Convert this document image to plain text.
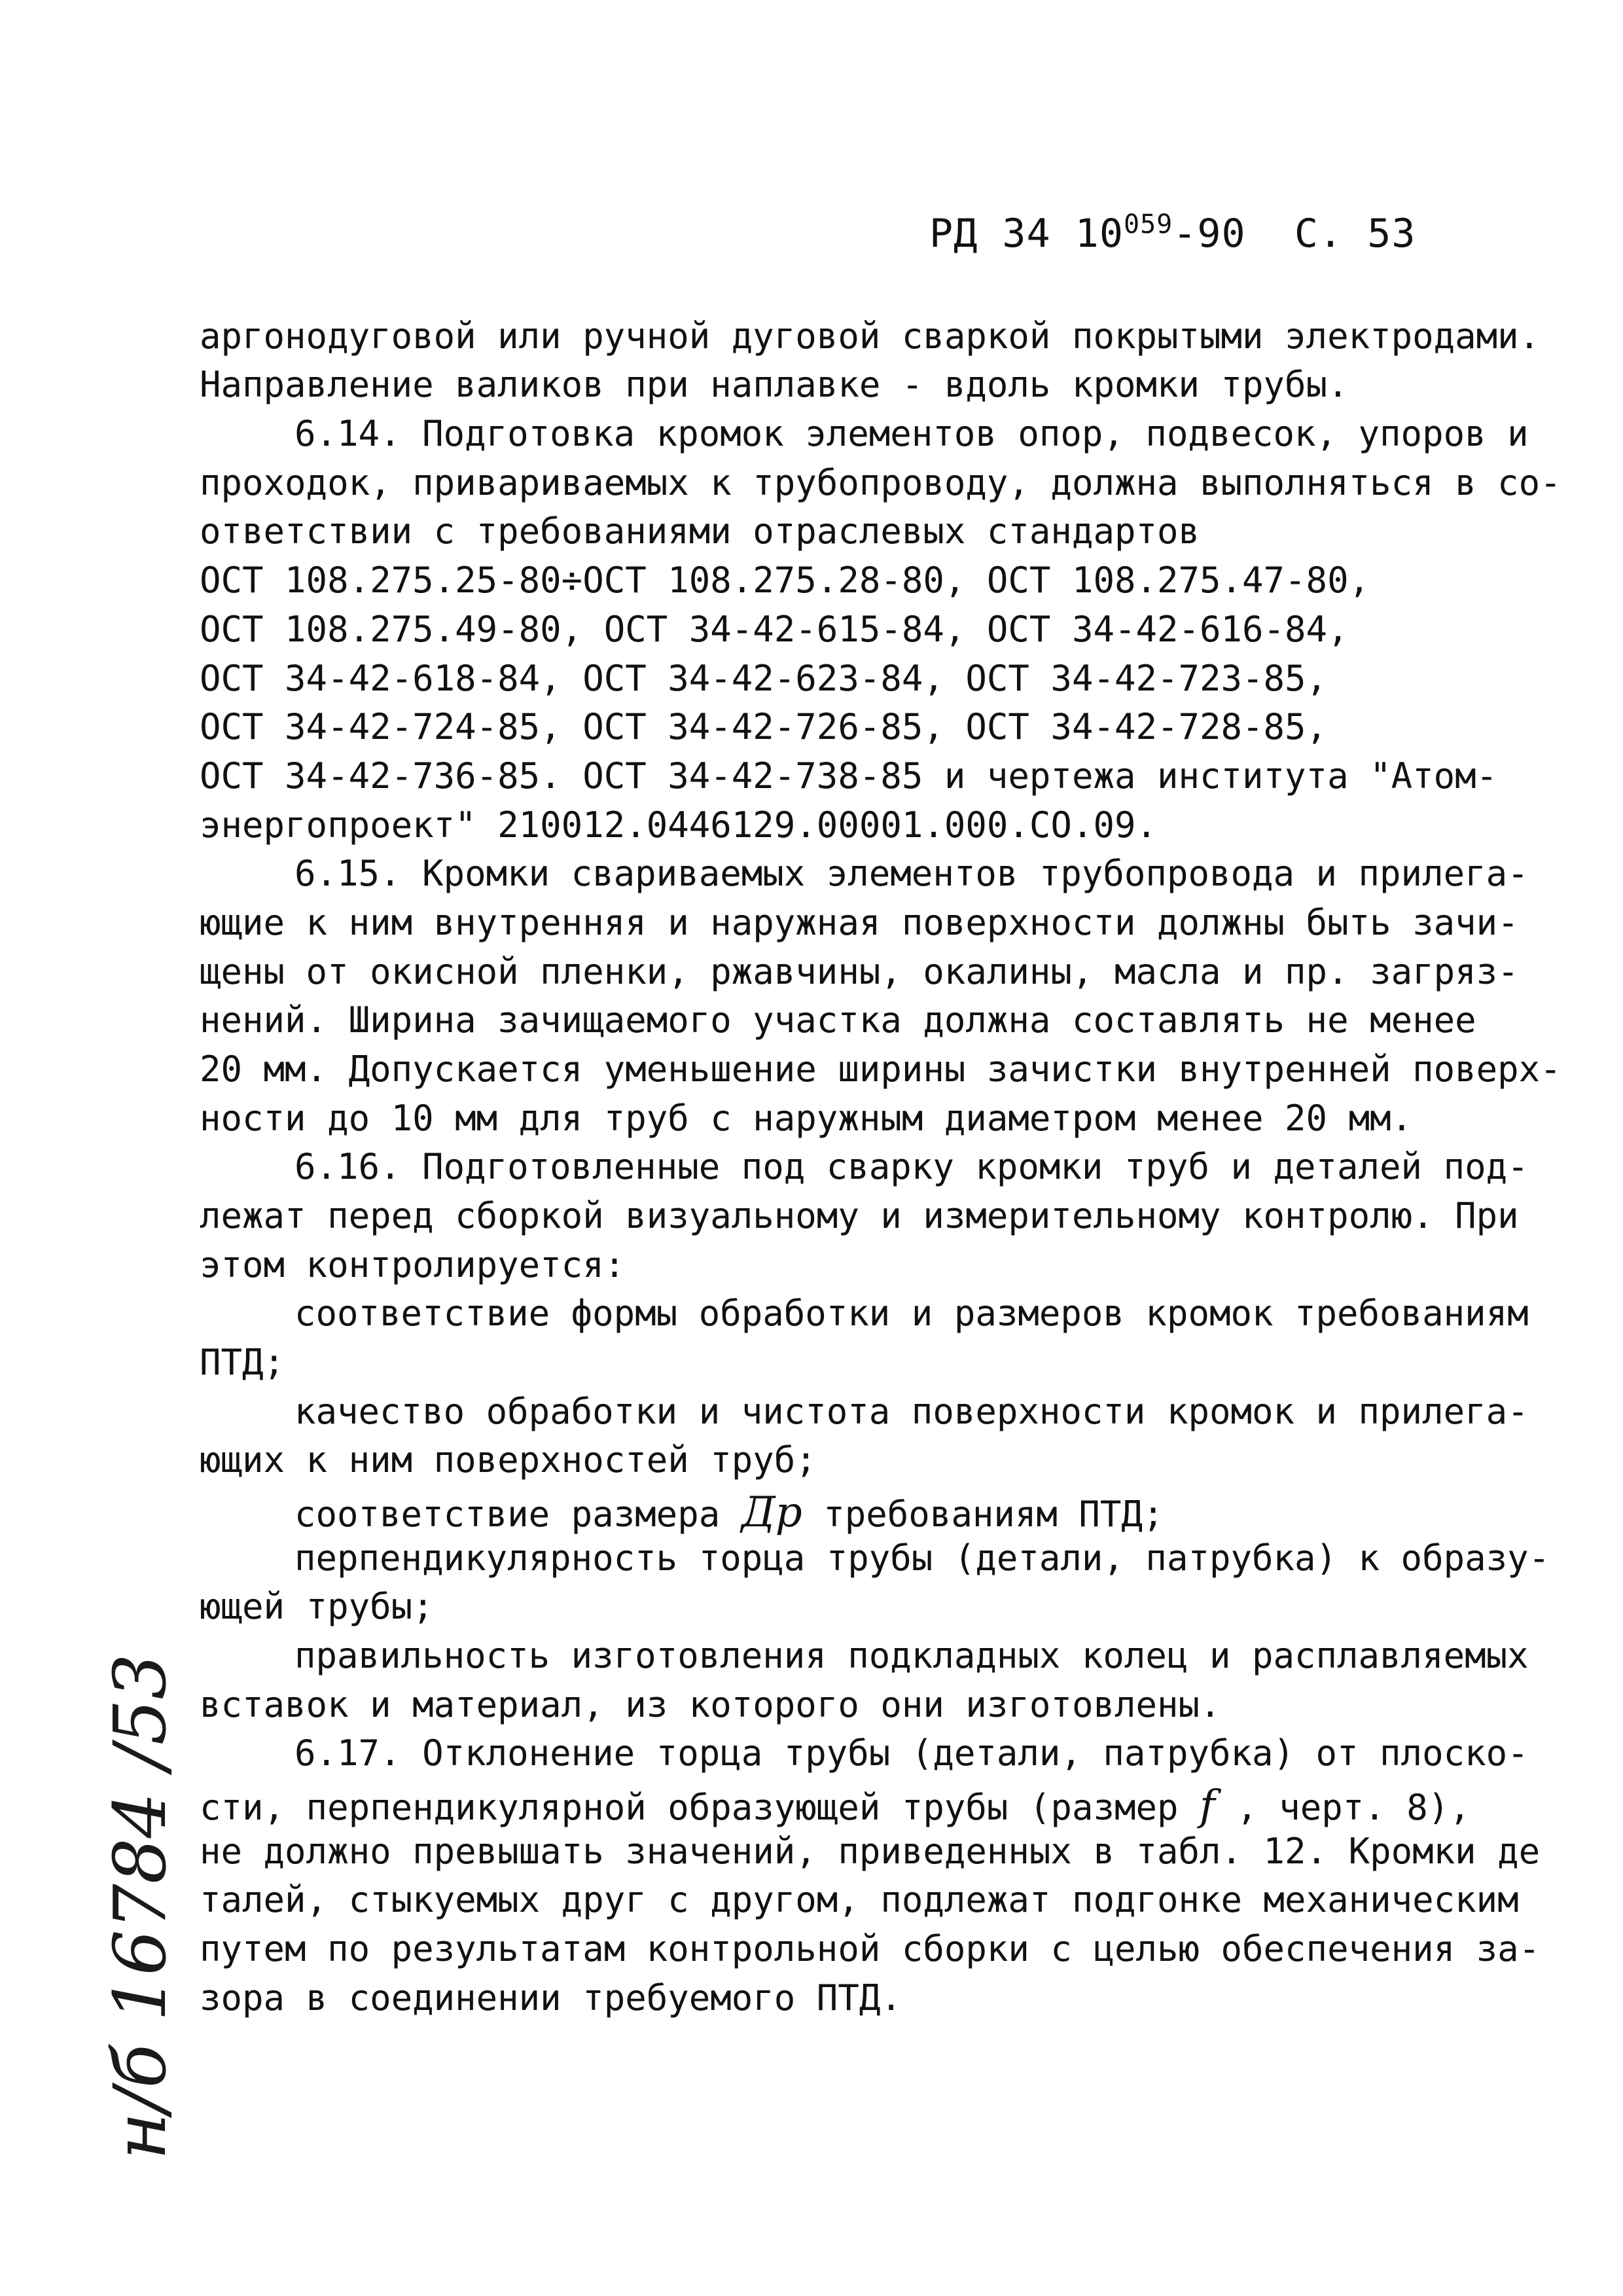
РД 34 $10^{059}-90$ С. 53
аргонодуговой или ручной дуговой сваркой покрытыми электродами.
Направление валиков при наплавке - вдоль кромки трубы.
6.14. Подготовка кромок элементов опор, подвесок, упоров и
проходок, привариваемых к трубопроводу, должна выполняться в со-
ответствии с требованиями отраслевых стандартов
ОСТ 108.275.25-80÷ОСТ 108.275.28-80, ОСТ 108.275.47-80,
ОСТ 108.275.49-80, ОСТ 34-42-615-84, ОСТ 34-42-616-84,
ОСТ 34-42-618-84, ОСТ 34-42-623-84, ОСТ 34-42-723-85,
ОСТ 34-42-724-85, ОСТ 34-42-726-85, ОСТ 34-42-728-85,
ОСТ 34-42-736-85. ОСТ 34-42-738-85 и чертежа института "Атом-
энергопроект" 210012.0446129.00001.000.СО.09.
6.15. Кромки свариваемых элементов трубопровода и прилега-
ющие к ним внутренняя и наружная поверхности должны быть зачи-
щены от окисной пленки, ржавчины, окалины, масла и пр. загряз-
нений. Ширина зачищаемого участка должна составлять не менее
20 мм. Допускается уменьшение ширины зачистки внутренней поверх-
ности до 10 мм для труб с наружным диаметром менее 20 мм.
6.16. Подготовленные под сварку кромки труб и деталей под-
лежат перед сборкой визуальному и измерительному контролю. При
этом контролируется:
соответствие формы обработки и размеров кромок требованиям
ПТД;
качество обработки и чистота поверхности кромок и прилега-
ющих к ним поверхностей труб;
соответствие размера Др требованиям ПТД;
перпендикулярность торца трубы (детали, патрубка) к образу-
ющей трубы;
правильность изготовления подкладных колец и расплавляемых
вставок и материал, из которого они изготовлены.
6.17. Отклонение торца трубы (детали, патрубка) от плоско-
сти, перпендикулярной образующей трубы (размер f , черт. 8),
не должно превышать значений, приведенных в табл. 12. Кромки де
талей, стыкуемых друг с другом, подлежат подгонке механическим
путем по результатам контрольной сборки с целью обеспечения за-
зора в соединении требуемого ПТД.
н/б 16784 /53
